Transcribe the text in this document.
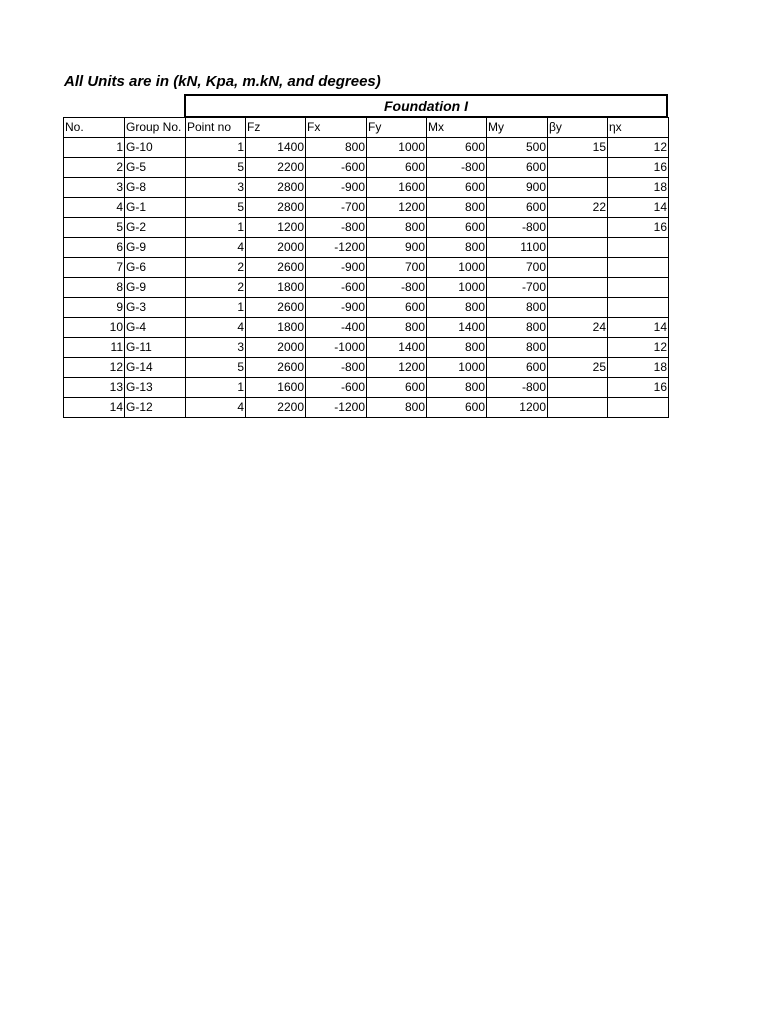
All Units are in (kN, Kpa, m.kN, and degrees)
Foundation I
No.	Group No.	Point no	Fz	Fx	Fy	Mx	My	βy	ηx
1	G-10	1	1400	800	1000	600	500	15	12
2	G-5	5	2200	-600	600	-800	600		16
3	G-8	3	2800	-900	1600	600	900		18
4	G-1	5	2800	-700	1200	800	600	22	14
5	G-2	1	1200	-800	800	600	-800		16
6	G-9	4	2000	-1200	900	800	1100		
7	G-6	2	2600	-900	700	1000	700		
8	G-9	2	1800	-600	-800	1000	-700		
9	G-3	1	2600	-900	600	800	800		
10	G-4	4	1800	-400	800	1400	800	24	14
11	G-11	3	2000	-1000	1400	800	800		12
12	G-14	5	2600	-800	1200	1000	600	25	18
13	G-13	1	1600	-600	600	800	-800		16
14	G-12	4	2200	-1200	800	600	1200		
